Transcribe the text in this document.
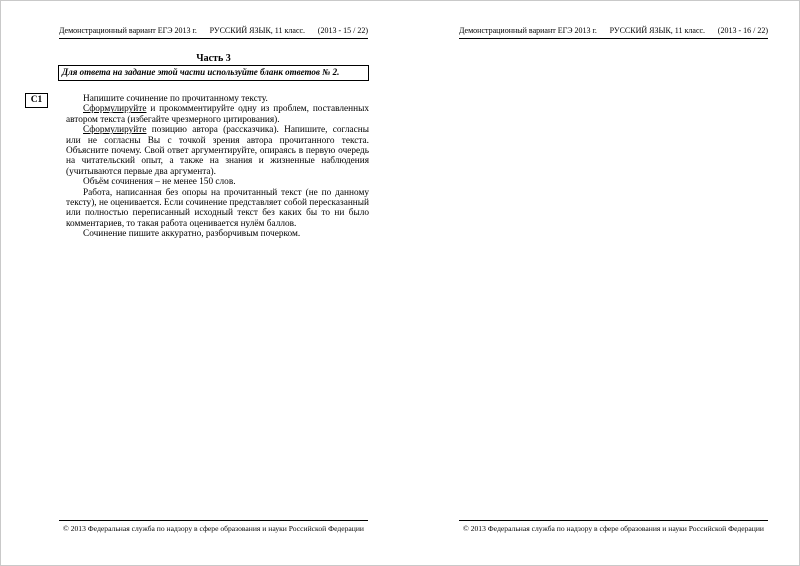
Демонстрационный вариант ЕГЭ 2013 г. РУССКИЙ ЯЗЫК, 11 класс. (2013 - 15 / 22)
Часть 3
Для ответа на задание этой части используйте бланк ответов № 2.
С1	Напишите сочинение по прочитанному тексту.

Сформулируйте и прокомментируйте одну из проблем, поставленных автором текста (избегайте чрезмерного цитирования).

Сформулируйте позицию автора (рассказчика). Напишите, согласны или не согласны Вы с точкой зрения автора прочитанного текста. Объясните почему. Свой ответ аргументируйте, опираясь в первую очередь на читательский опыт, а также на знания и жизненные наблюдения (учитываются первые два аргумента).

Объём сочинения – не менее 150 слов.

Работа, написанная без опоры на прочитанный текст (не по данному тексту), не оценивается. Если сочинение представляет собой пересказанный или полностью переписанный исходный текст без каких бы то ни было комментариев, то такая работа оценивается нулём баллов.

Сочинение пишите аккуратно, разборчивым почерком.

© 2013 Федеральная служба по надзору в сфере образования и науки Российской Федерации
Демонстрационный вариант ЕГЭ 2013 г. РУССКИЙ ЯЗЫК, 11 класс. (2013 - 16 / 22)
© 2013 Федеральная служба по надзору в сфере образования и науки Российской Федерации
